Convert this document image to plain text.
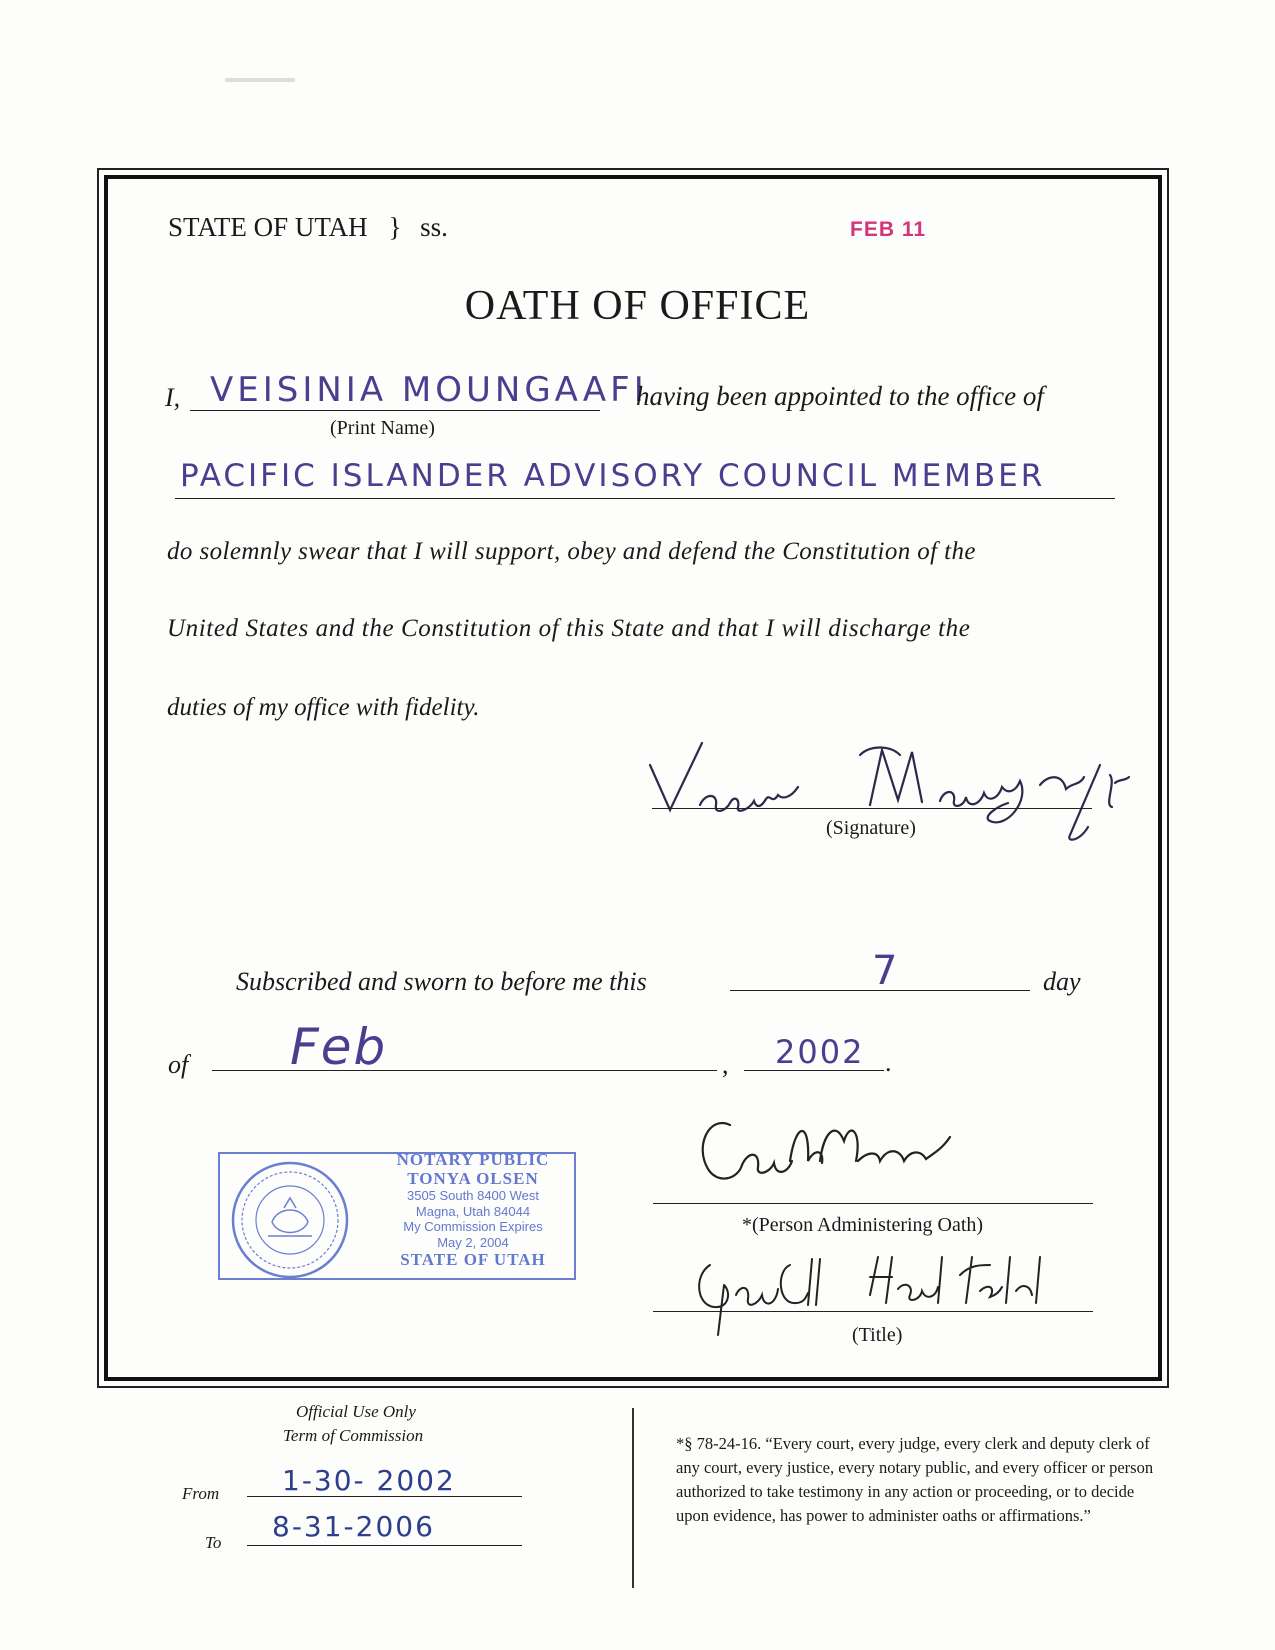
STATE OF UTAH } ss.	FEB 11
OATH OF OFFICE
I, VEISINIA MOUNGAAFI
having been appointed to the office of
(Print Name)
PACIFIC ISLANDER ADVISORY COUNCIL MEMBER
do solemnly swear that I will support, obey and defend the Constitution of the
United States and the Constitution of this State and that I will discharge the
duties of my office with fidelity.
(Signature)
Subscribed and sworn to before me this	7	day
of Feb	, 2002 .
NOTARY PUBLIC
TONYA OLSEN
3505 South 8400 West
Magna, Utah 84044
My Commission Expires
May 2, 2004
STATE OF UTAH
*(Person Administering Oath)
(Title)
Official Use Only
Term of Commission
From 1-30- 2002
To 8-31-2006
*§ 78-24-16. “Every court, every judge, every clerk and deputy clerk of any court, every justice, every notary public, and every officer or person authorized to take testimony in any action or proceeding, or to decide upon evidence, has power to administer oaths or affirmations.”
